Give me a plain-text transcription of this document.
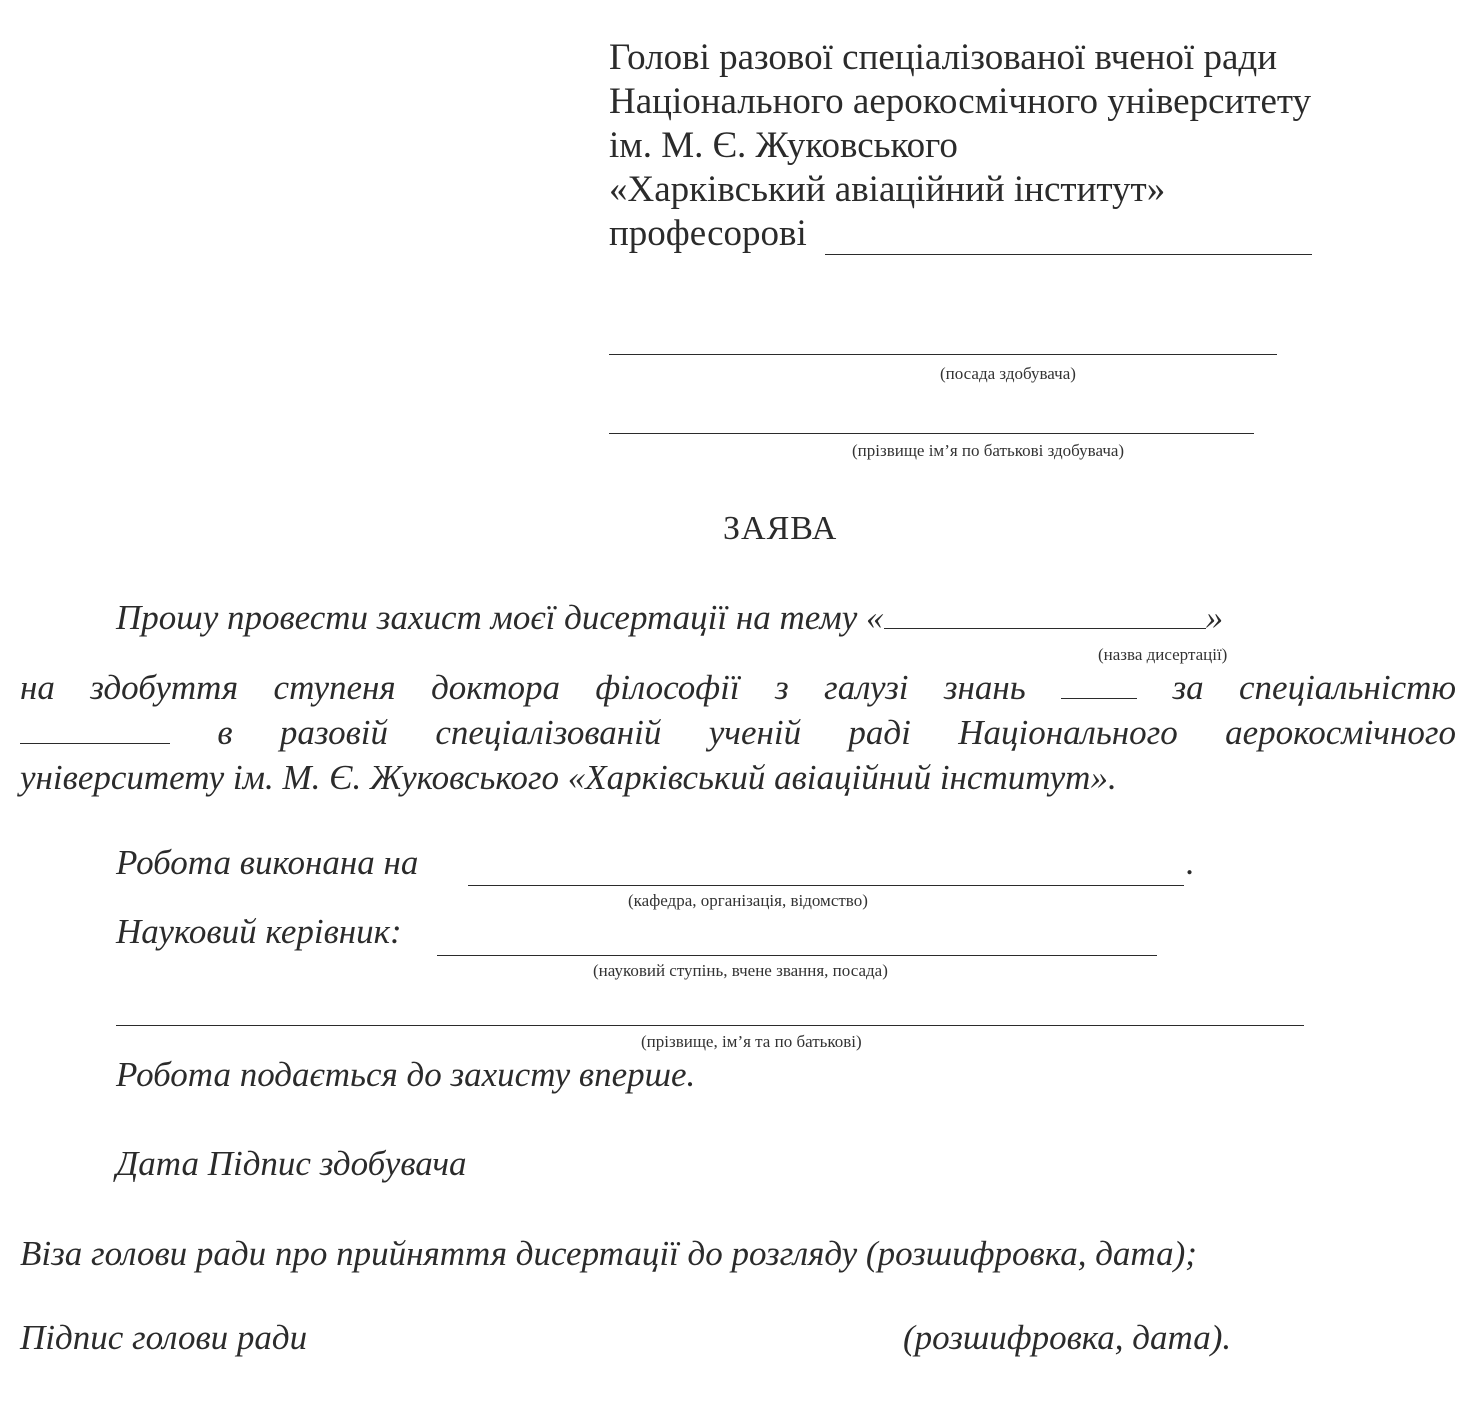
Голові разової спеціалізованої вченої ради
Національного аерокосмічного університету
ім. М. Є. Жуковського
«Харківський авіаційний інститут»
професорові
(посада здобувача)
(прізвище ім’я по батькові здобувача)
ЗАЯВА
Прошу провести захист моєї дисертації на тему «	»
(назва дисертації)
на здобуття ступеня доктора філософії з галузі знань	за спеціальністю
в разовій спеціалізованій ученій раді Національного аерокосмічного
університету ім. М. Є. Жуковського «Харківський авіаційний інститут».
Робота виконана на	.
(кафедра, організація, відомство)
Науковий керівник:
(науковий ступінь, вчене звання, посада)
(прізвище, ім’я та по батькові)
Робота подається до захисту вперше.
Дата Підпис здобувача
Віза голови ради про прийняття дисертації до розгляду (розшифровка, дата);
Підпис голови ради	(розшифровка, дата).
